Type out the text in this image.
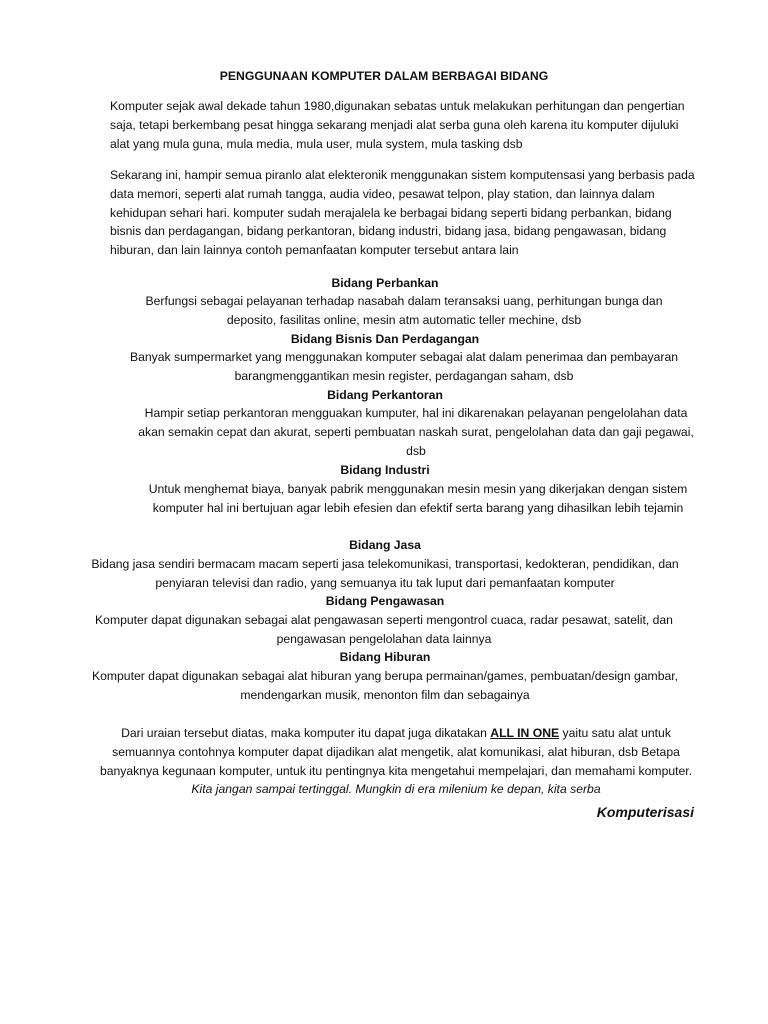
PENGGUNAAN KOMPUTER DALAM BERBAGAI BIDANG
Komputer sejak awal dekade tahun 1980,digunakan sebatas untuk melakukan perhitungan dan pengertian saja, tetapi berkembang pesat hingga sekarang menjadi alat serba guna oleh karena itu komputer dijuluki alat yang mula guna, mula media, mula user, mula system, mula tasking dsb
Sekarang ini, hampir semua piranlo alat elekteronik menggunakan sistem komputensasi yang berbasis pada data memori, seperti alat rumah tangga, audia video, pesawat telpon, play station, dan lainnya dalam kehidupan sehari hari. komputer sudah merajalela ke berbagai bidang seperti bidang perbankan, bidang bisnis dan perdagangan, bidang perkantoran, bidang industri, bidang jasa, bidang pengawasan, bidang hiburan, dan lain lainnya contoh pemanfaatan komputer tersebut antara lain
Bidang Perbankan
Berfungsi sebagai pelayanan terhadap nasabah dalam teransaksi uang, perhitungan bunga dan deposito, fasilitas online, mesin atm automatic teller mechine, dsb
Bidang Bisnis Dan Perdagangan
Banyak sumpermarket yang menggunakan komputer sebagai alat dalam penerimaa dan pembayaran barangmenggantikan mesin register, perdagangan saham, dsb
Bidang Perkantoran
Hampir setiap perkantoran mengguakan kumputer, hal ini dikarenakan pelayanan pengelolahan data akan semakin cepat dan akurat, seperti pembuatan naskah surat, pengelolahan data dan gaji pegawai, dsb
Bidang Industri
Untuk menghemat biaya, banyak pabrik menggunakan mesin mesin yang dikerjakan dengan sistem komputer hal ini bertujuan agar lebih efesien dan efektif serta barang yang dihasilkan lebih tejamin
Bidang Jasa
Bidang jasa sendiri bermacam macam seperti jasa telekomunikasi, transportasi, kedokteran, pendidikan, dan penyiaran televisi dan radio, yang semuanya itu tak luput dari pemanfaatan komputer
Bidang Pengawasan
Komputer dapat digunakan sebagai alat pengawasan seperti mengontrol cuaca, radar pesawat, satelit, dan pengawasan pengelolahan data lainnya
Bidang Hiburan
Komputer dapat digunakan sebagai alat hiburan yang berupa permainan/games, pembuatan/design gambar, mendengarkan musik, menonton film dan sebagainya
Dari uraian tersebut diatas, maka komputer itu dapat juga dikatakan ALL IN ONE yaitu satu alat untuk semuannya contohnya komputer dapat dijadikan alat mengetik, alat komunikasi, alat hiburan, dsb Betapa banyaknya kegunaan komputer, untuk itu pentingnya kita mengetahui mempelajari, dan memahami komputer. Kita jangan sampai tertinggal. Mungkin di era milenium ke depan, kita serba
Komputerisasi
